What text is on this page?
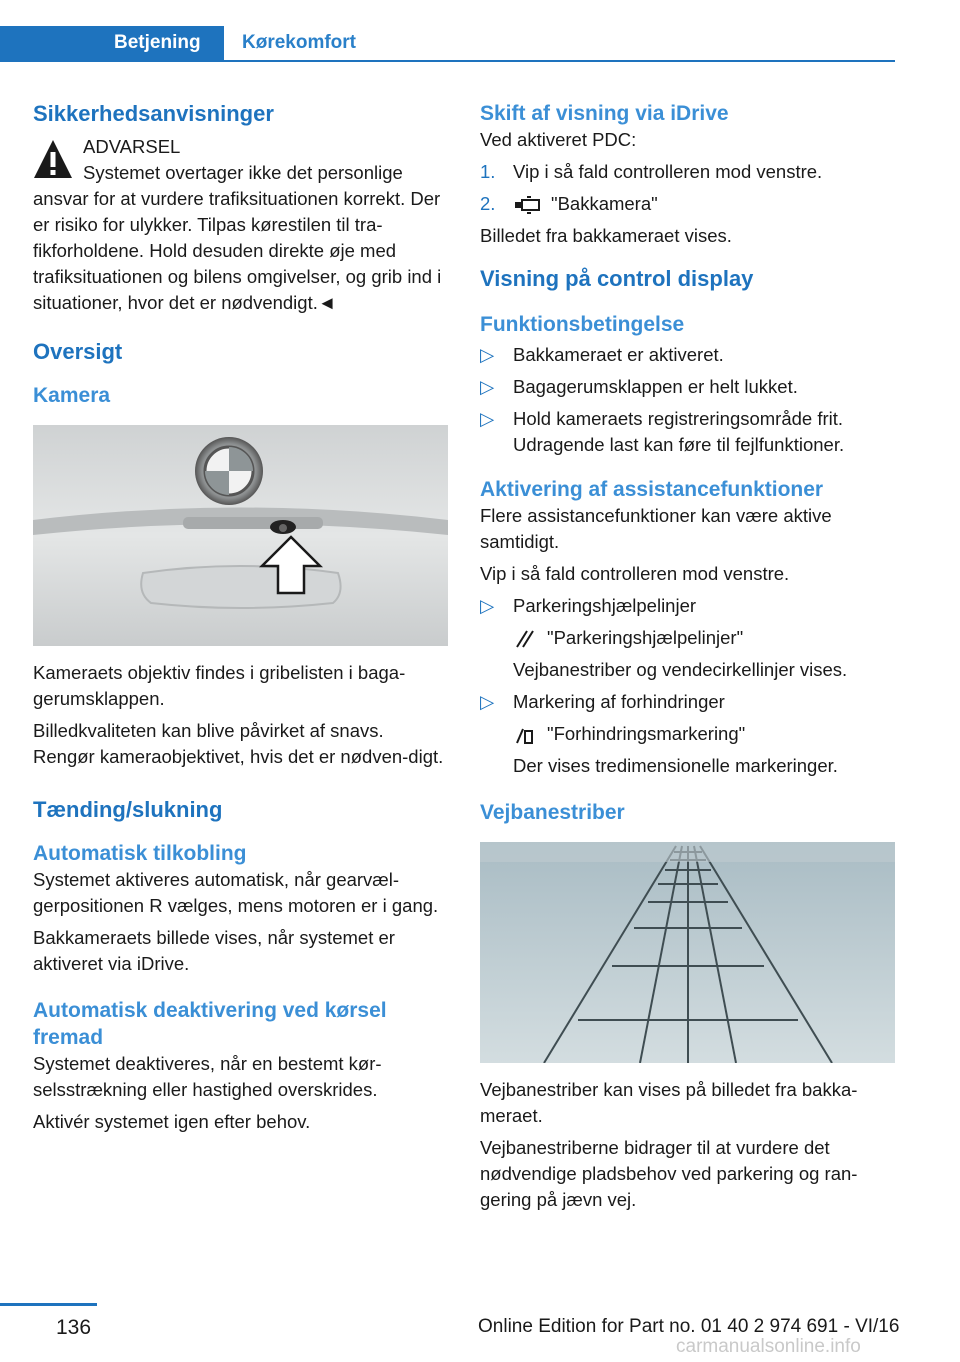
Betjening Kørekomfort
Sikkerhedsanvisninger

ADVARSEL

Systemet overtager ikke det personlige

ansvar for at vurdere trafiksituationen korrekt. Der er risiko for ulykker. Tilpas kørestilen til tra-fikforholdene. Hold desuden direkte øje med trafiksituationen og bilens omgivelser, og grib ind i situationer, hvor det er nødvendigt.◄

Oversigt
Kamera

Kameraets objektiv findes i gribelisten i baga-gerumsklappen.

Billedkvaliteten kan blive påvirket af snavs. Rengør kameraobjektivet, hvis det er nødven-digt.

Tænding/slukning
Automatisk tilkobling

Systemet aktiveres automatisk, når gearvæl-gerpositionen R vælges, mens motoren er i gang.

Bakkameraets billede vises, når systemet er aktiveret via iDrive.

Automatisk deaktivering ved kørsel fremad

Systemet deaktiveres, når en bestemt kør-selsstrækning eller hastighed overskrides.

Aktivér systemet igen efter behov.

Skift af visning via iDrive

Ved aktiveret PDC:

1. Vip i så fald controlleren mod venstre.
2.	"Bakkamera"

Billedet fra bakkameraet vises.

Visning på control display
Funktionsbetingelse
▷ Bakkameraet er aktiveret.
▷ Bagagerumsklappen er helt lukket.
▷ Hold kameraets registreringsområde frit. Udragende last kan føre til fejlfunktioner.
Aktivering af assistancefunktioner

Flere assistancefunktioner kan være aktive samtidigt.

Vip i så fald controlleren mod venstre.

▷ Parkeringshjælpelinjer
"Parkeringshjælpelinjer"
Vejbanestriber og vendecirkellinjer vises.
▷ Markering af forhindringer
"Forhindringsmarkering"
Der vises tredimensionelle markeringer.
Vejbanestriber

Vejbanestriber kan vises på billedet fra bakka-meraet.

Vejbanestriberne bidrager til at vurdere det nødvendige pladsbehov ved parkering og ran-gering på jævn vej.

136	Online Edition for Part no. 01 40 2 974 691 - VI/16
carmanualsonline.info
